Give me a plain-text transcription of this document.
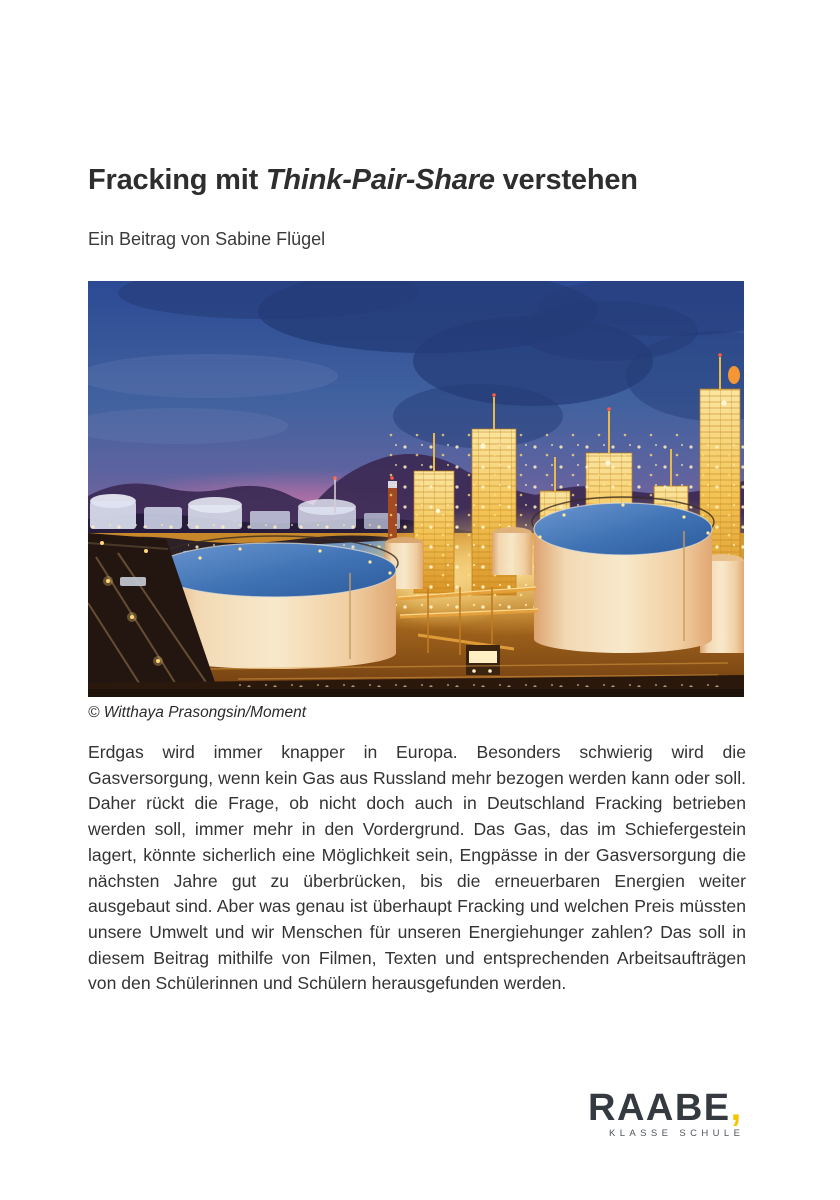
Fracking mit Think-Pair-Share verstehen
Ein Beitrag von Sabine Flügel
© Witthaya Prasongsin/Moment

Erdgas wird immer knapper in Europa. Besonders schwierig wird die Gasversorgung, wenn kein Gas aus Russland mehr bezogen werden kann oder soll. Daher rückt die Frage, ob nicht doch auch in Deutschland Fracking betrieben werden soll, immer mehr in den Vordergrund. Das Gas, das im Schiefergestein lagert, könnte sicherlich eine Möglichkeit sein, Engpässe in der Gasversorgung die nächsten Jahre gut zu überbrücken, bis die erneuerbaren Energien weiter ausgebaut sind. Aber was genau ist überhaupt Fracking und welchen Preis müssten unsere Umwelt und wir Menschen für unseren Energiehunger zahlen? Das soll in diesem Beitrag mithilfe von Filmen, Texten und entsprechenden Arbeitsaufträgen von den Schülerinnen und Schülern herausgefunden werden.

RAABE,
KLASSE SCHULE
